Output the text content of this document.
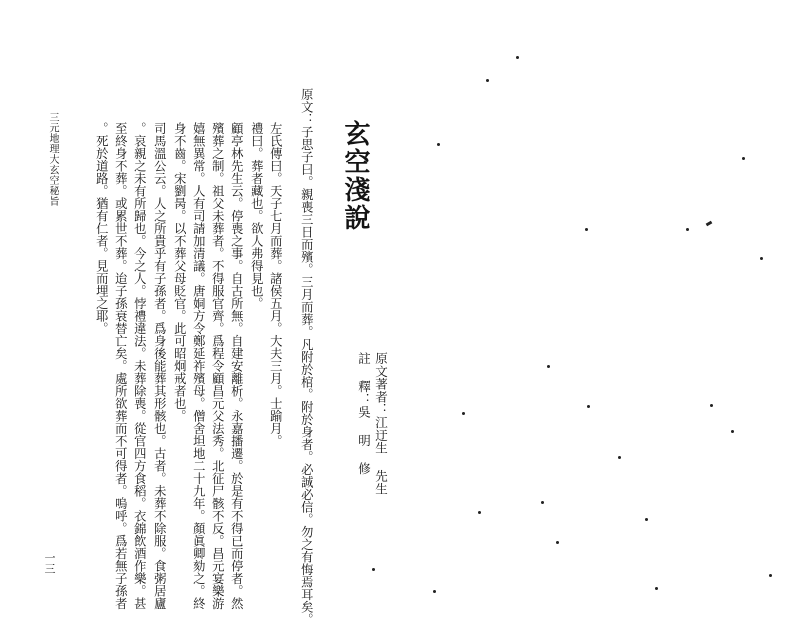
三元地理大玄空秘旨
一三
玄空淺說
原文著者：江迂生 先生
註 釋：吳 明 修
原文：子思子曰。親喪三日而殯。三月而葬。凡附於棺。附於身者。必誠必信。勿之有悔焉耳矣。
左氏傳曰。天子七月而葬。諸侯五月。大夫三月。士踰月。
禮曰。葬者藏也。欲人弗得見也。
顧亭林先生云。停喪之事。自古所無。自建安離析。永嘉播遷。於是有不得已而停者。然
殯葬之制。祖父未葬者。不得服官齊。爲程令顧昌元父法秀。北征尸骸不反。昌元宴樂游
嬉無異常。人有司請加清議。唐姛方令鄭延祚殯母。僧舍坦地二十九年。顏眞卿劾之。終
身不齒。宋劉昺。以不葬父母貶官。此可昭炯戒者也。
司馬溫公云。人之所貴乎有子孫者。爲身後能葬其形骸也。古者。未葬不除服。食粥居廬
。哀親之未有所歸也。今之人。悖禮違法。未葬除喪。從官四方食稻。衣錦飲酒作樂。甚
至終身不葬。或累世不葬。迨子孫衰替亡矣。處所欲葬而不可得者。嗚呼。爲若無子孫者
。死於道路。猶有仁者。見而埋之耶。
